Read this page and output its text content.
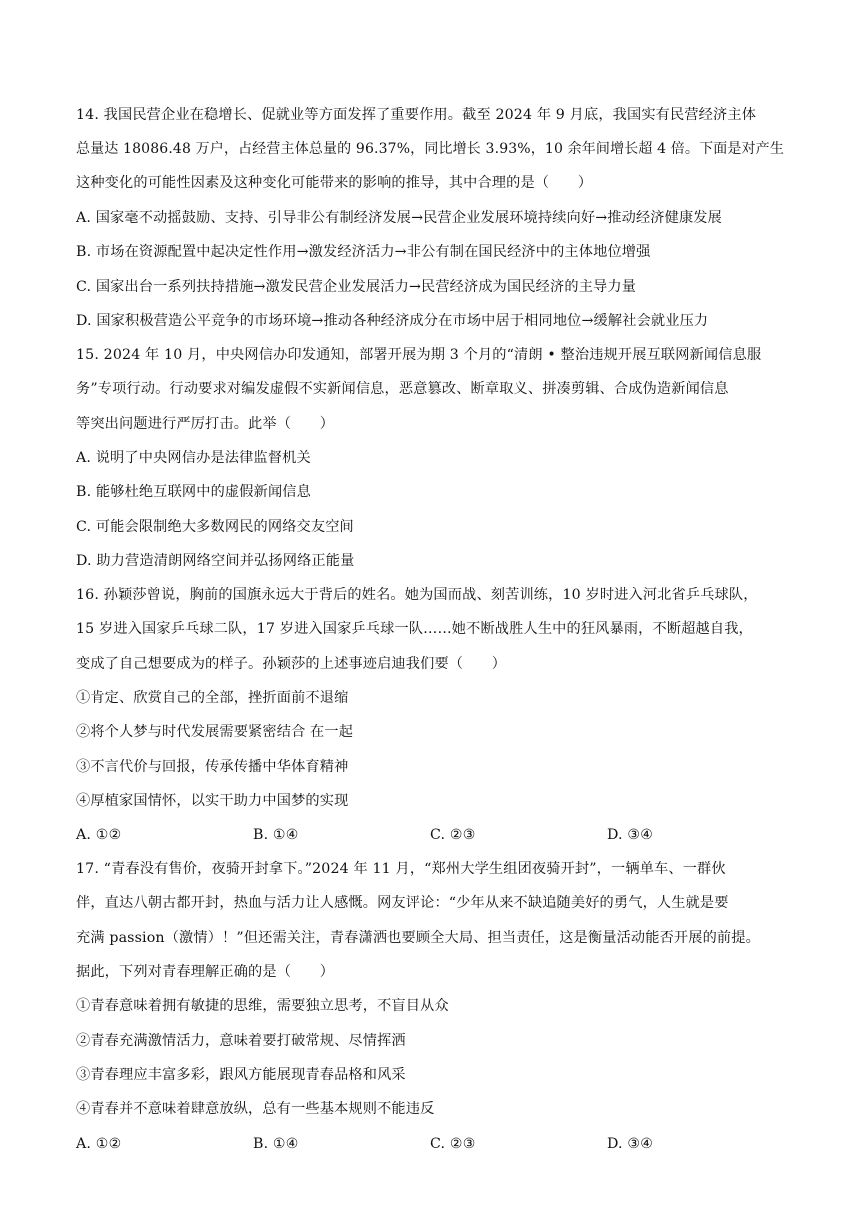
14. 我国民营企业在稳增长、促就业等方面发挥了重要作用。截至 2024 年 9 月底，我国实有民营经济主体
总量达 18086.48 万户，占经营主体总量的 96.37%，同比增长 3.93%，10 余年间增长超 4 倍。下面是对产生
这种变化的可能性因素及这种变化可能带来的影响的推导，其中合理的是（　　）
A. 国家毫不动摇鼓励、支持、引导非公有制经济发展→民营企业发展环境持续向好→推动经济健康发展
B. 市场在资源配置中起决定性作用→激发经济活力→非公有制在国民经济中的主体地位增强
C. 国家出台一系列扶持措施→激发民营企业发展活力→民营经济成为国民经济的主导力量
D. 国家积极营造公平竞争的市场环境→推动各种经济成分在市场中居于相同地位→缓解社会就业压力
15. 2024 年 10 月，中央网信办印发通知，部署开展为期 3 个月的“清朗 • 整治违规开展互联网新闻信息服
务”专项行动。行动要求对编发虚假不实新闻信息，恶意篡改、断章取义、拼凑剪辑、合成伪造新闻信息
等突出问题进行严厉打击。此举（　　）
A. 说明了中央网信办是法律监督机关
B. 能够杜绝互联网中的虚假新闻信息
C. 可能会限制绝大多数网民的网络交友空间
D. 助力营造清朗网络空间并弘扬网络正能量
16. 孙颖莎曾说，胸前的国旗永远大于背后的姓名。她为国而战、刻苦训练，10 岁时进入河北省乒乓球队，
15 岁进入国家乒乓球二队，17 岁进入国家乒乓球一队……她不断战胜人生中的狂风暴雨，不断超越自我，
变成了自己想要成为的样子。孙颖莎的上述事迹启迪我们要（　　）
①肯定、欣赏自己的全部，挫折面前不退缩
②将个人梦与时代发展需要紧密结合 在一起
③不言代价与回报，传承传播中华体育精神
④厚植家国情怀，以实干助力中国梦的实现
A. ①②	B. ①④	C. ②③	D. ③④
17. “青春没有售价，夜骑开封拿下。”2024 年 11 月，“郑州大学生组团夜骑开封”，一辆单车、一群伙
伴，直达八朝古都开封，热血与活力让人感慨。网友评论：“少年从来不缺追随美好的勇气，人生就是要
充满 passion（激情）！”但还需关注，青春潇洒也要顾全大局、担当责任，这是衡量活动能否开展的前提。
据此，下列对青春理解正确的是（　　）
①青春意味着拥有敏捷的思维，需要独立思考，不盲目从众
②青春充满激情活力，意味着要打破常规、尽情挥洒
③青春理应丰富多彩，跟风方能展现青春品格和风采
④青春并不意味着肆意放纵，总有一些基本规则不能违反
A. ①②	B. ①④	C. ②③	D. ③④
